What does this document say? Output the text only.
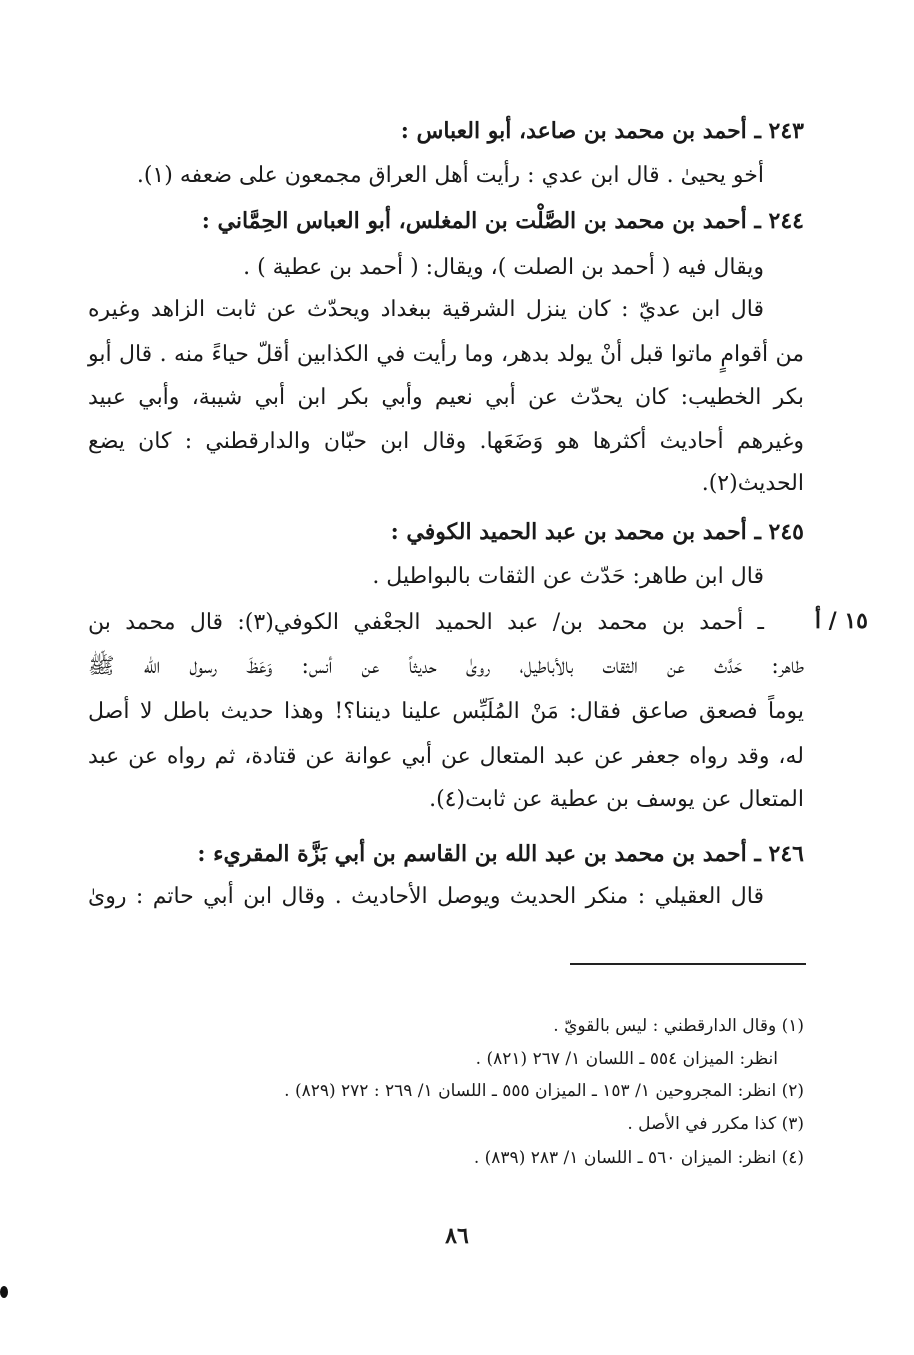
٢٤٣ ـ أحمد بن محمد بن صاعد، أبو العباس :
أخو يحيىٰ . قال ابن عدي : رأيت أهل العراق مجمعون على ضعفه (١).
٢٤٤ ـ أحمد بن محمد بن الصَّلْت بن المغلس، أبو العباس الحِمَّاني :
ويقال فيه ( أحمد بن الصلت )، ويقال: ( أحمد بن عطية ) .
قال ابن عديّ : كان ينزل الشرقية ببغداد ويحدّث عن ثابت الزاهد وغيره
من أقوامٍ ماتوا قبل أنْ يولد بدهر، وما رأيت في الكذابين أقلّ حياءً منه . قال أبو
بكر الخطيب: كان يحدّث عن أبي نعيم وأبي بكر ابن أبي شيبة، وأبي عبيد
وغيرهم أحاديث أكثرها هو وَضَعَها. وقال ابن حبّان والدارقطني : كان يضع
الحديث(٢).
٢٤٥ ـ أحمد بن محمد بن عبد الحميد الكوفي :
قال ابن طاهر: حَدّث عن الثقات بالبواطيل .
١٥ / أ
ـ أحمد بن محمد بن/ عبد الحميد الجعْفي الكوفي(٣): قال محمد بن
طاهر: حَدَّث عن الثقات بالأباطيل، روىٰ حديثاً عن أنس: وَعَظَ رسول الله ﷺ
يوماً فصعق صاعق فقال: مَنْ المُلَبِّس علينا ديننا؟! وهذا حديث باطل لا أصل
له، وقد رواه جعفر عن عبد المتعال عن أبي عوانة عن قتادة، ثم رواه عن عبد
المتعال عن يوسف بن عطية عن ثابت(٤).
٢٤٦ ـ أحمد بن محمد بن عبد الله بن القاسم بن أبي بَزَّة المقريء :
قال العقيلي : منكر الحديث ويوصل الأحاديث . وقال ابن أبي حاتم : روىٰ
(١) وقال الدارقطني : ليس بالقويّ .
انظر: الميزان ٥٥٤ ـ اللسان ١/ ٢٦٧ (٨٢١) .
(٢) انظر: المجروحين ١/ ١٥٣ ـ الميزان ٥٥٥ ـ اللسان ١/ ٢٦٩ : ٢٧٢ (٨٢٩) .
(٣) كذا مكرر في الأصل .
(٤) انظر: الميزان ٥٦٠ ـ اللسان ١/ ٢٨٣ (٨٣٩) .
٨٦
